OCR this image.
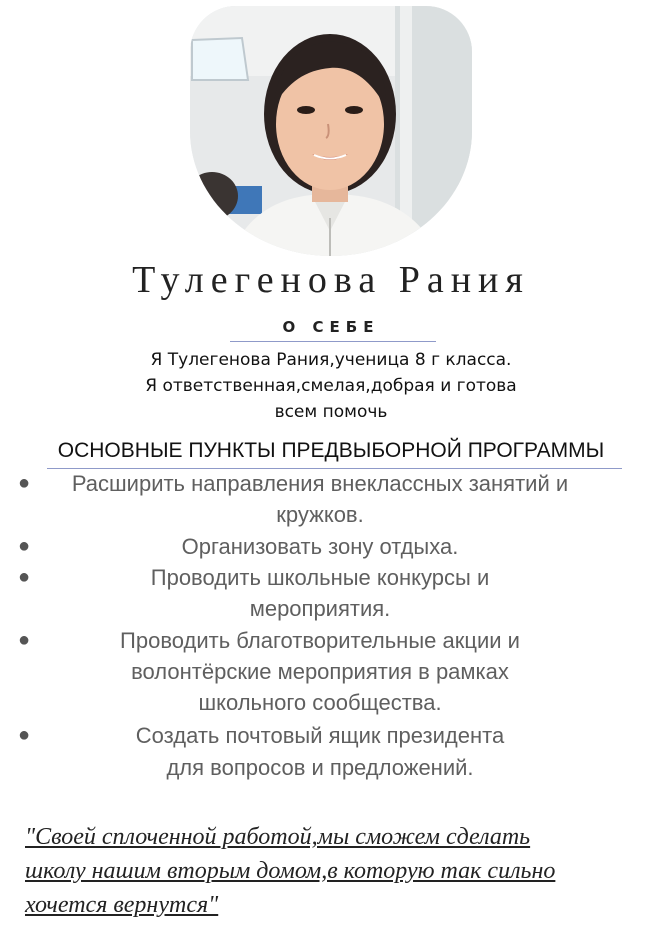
Тулегенова Рания
О СЕБЕ
Я Тулегенова Рания,ученица 8 г класса.
Я ответственная,смелая,добрая и готова
всем помочь
ОСНОВНЫЕ ПУНКТЫ ПРЕДВЫБОРНОЙ ПРОГРАММЫ
●	Расширить направления внеклассных занятий и
кружков.
●	Организовать зону отдыха.
●	Проводить школьные конкурсы и
мероприятия.
●	Проводить благотворительные акции и
волонтёрские мероприятия в рамках
школьного сообщества.
●	Создать почтовый ящик президента
для вопросов и предложений.
"Своей сплоченной работой,мы сможем сделать
школу нашим вторым домом,в которую так сильно
хочется вернутся"
